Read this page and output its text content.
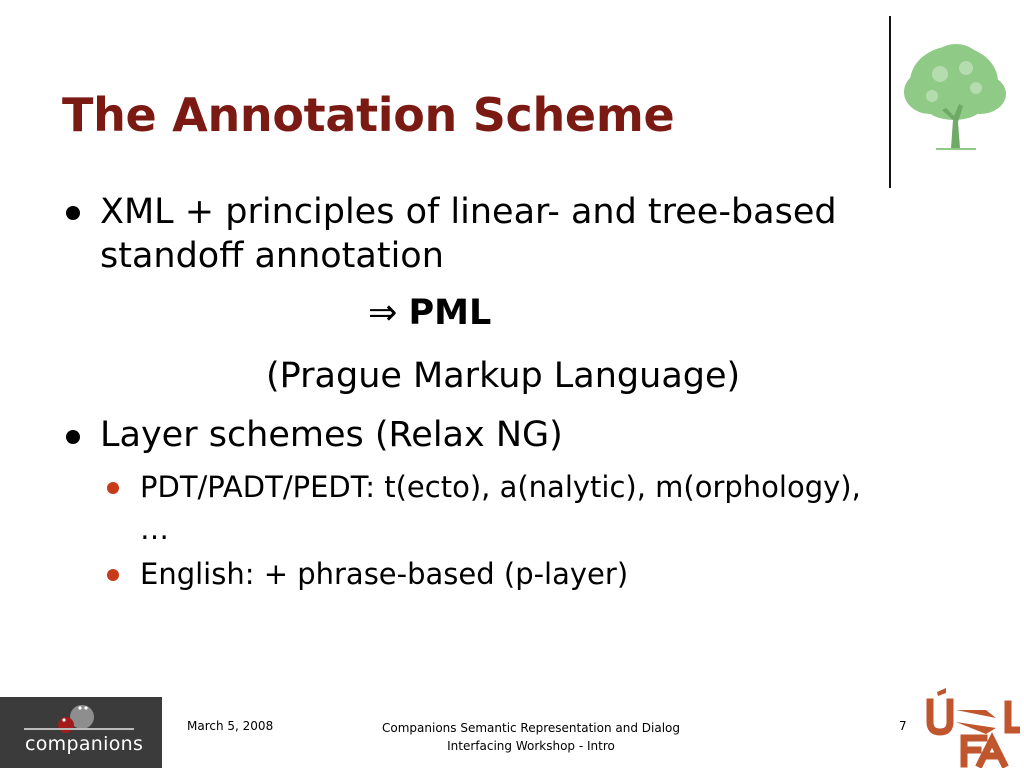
The Annotation Scheme
XML + principles of linear- and tree-based
standoff annotation
⇒ PML
(Prague Markup Language)
Layer schemes (Relax NG)
PDT/PADT/PEDT: t(ecto), a(nalytic), m(orphology),
…
English: + phrase-based (p-layer)
companions
March 5, 2008	Companions Semantic Representation and Dialog
Interfacing Workshop - Intro
7
